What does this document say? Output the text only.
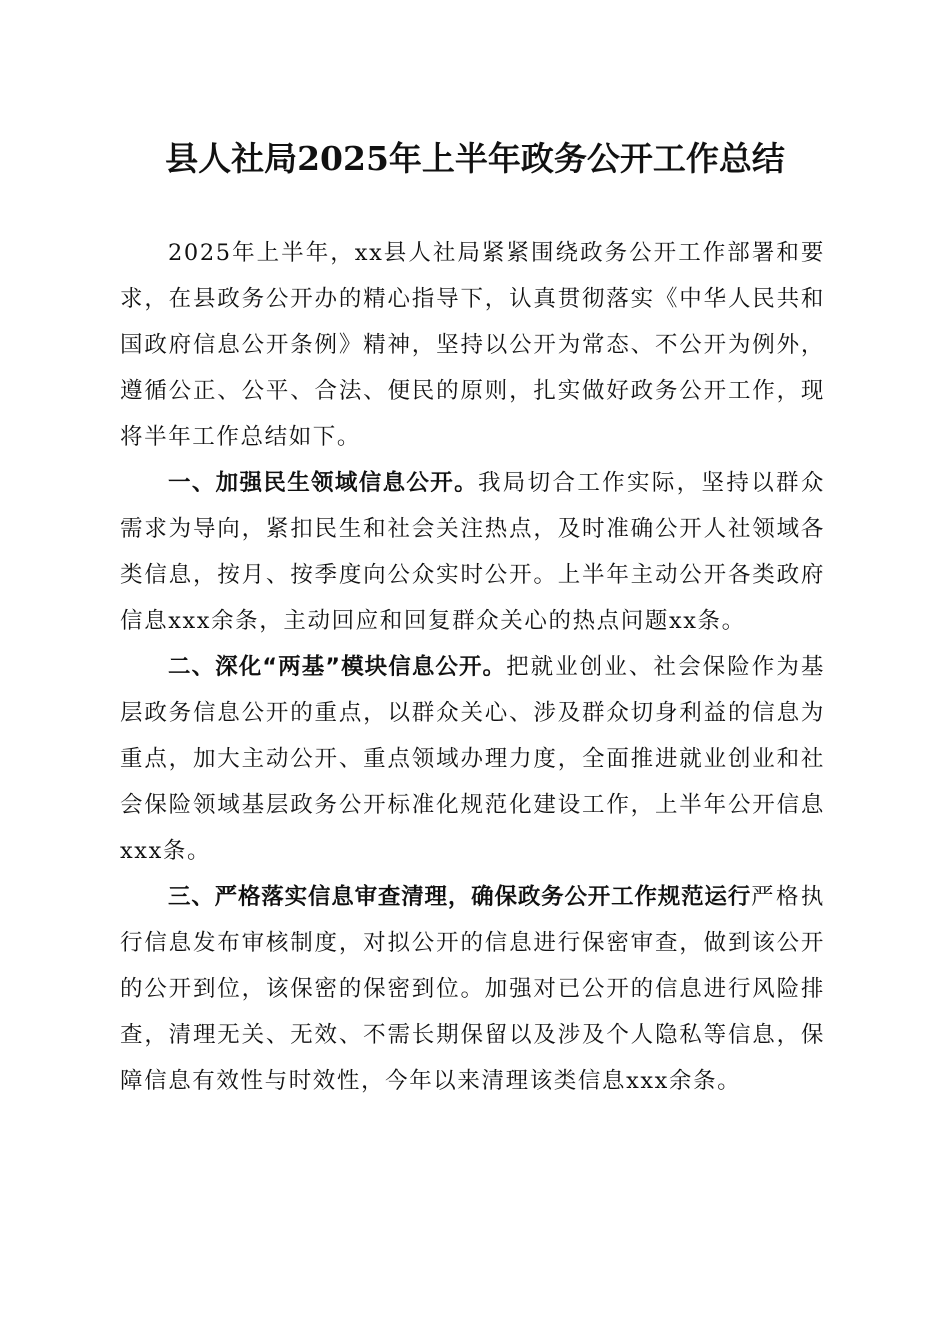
县人社局2025年上半年政务公开工作总结

2025年上半年，xx县人社局紧紧围绕政务公开工作部署和要求，在县政务公开办的精心指导下，认真贯彻落实《中华人民共和国政府信息公开条例》精神，坚持以公开为常态、不公开为例外，遵循公正、公平、合法、便民的原则，扎实做好政务公开工作，现将半年工作总结如下。

一、加强民生领域信息公开。我局切合工作实际，坚持以群众需求为导向，紧扣民生和社会关注热点，及时准确公开人社领域各类信息，按月、按季度向公众实时公开。上半年主动公开各类政府信息xxx余条，主动回应和回复群众关心的热点问题xx条。

二、深化“两基”模块信息公开。把就业创业、社会保险作为基层政务信息公开的重点，以群众关心、涉及群众切身利益的信息为重点，加大主动公开、重点领域办理力度，全面推进就业创业和社会保险领域基层政务公开标准化规范化建设工作，上半年公开信息xxx条。

三、严格落实信息审查清理，确保政务公开工作规范运行严格执行信息发布审核制度，对拟公开的信息进行保密审查，做到该公开的公开到位，该保密的保密到位。加强对已公开的信息进行风险排查，清理无关、无效、不需长期保留以及涉及个人隐私等信息，保障信息有效性与时效性，今年以来清理该类信息xxx余条。
